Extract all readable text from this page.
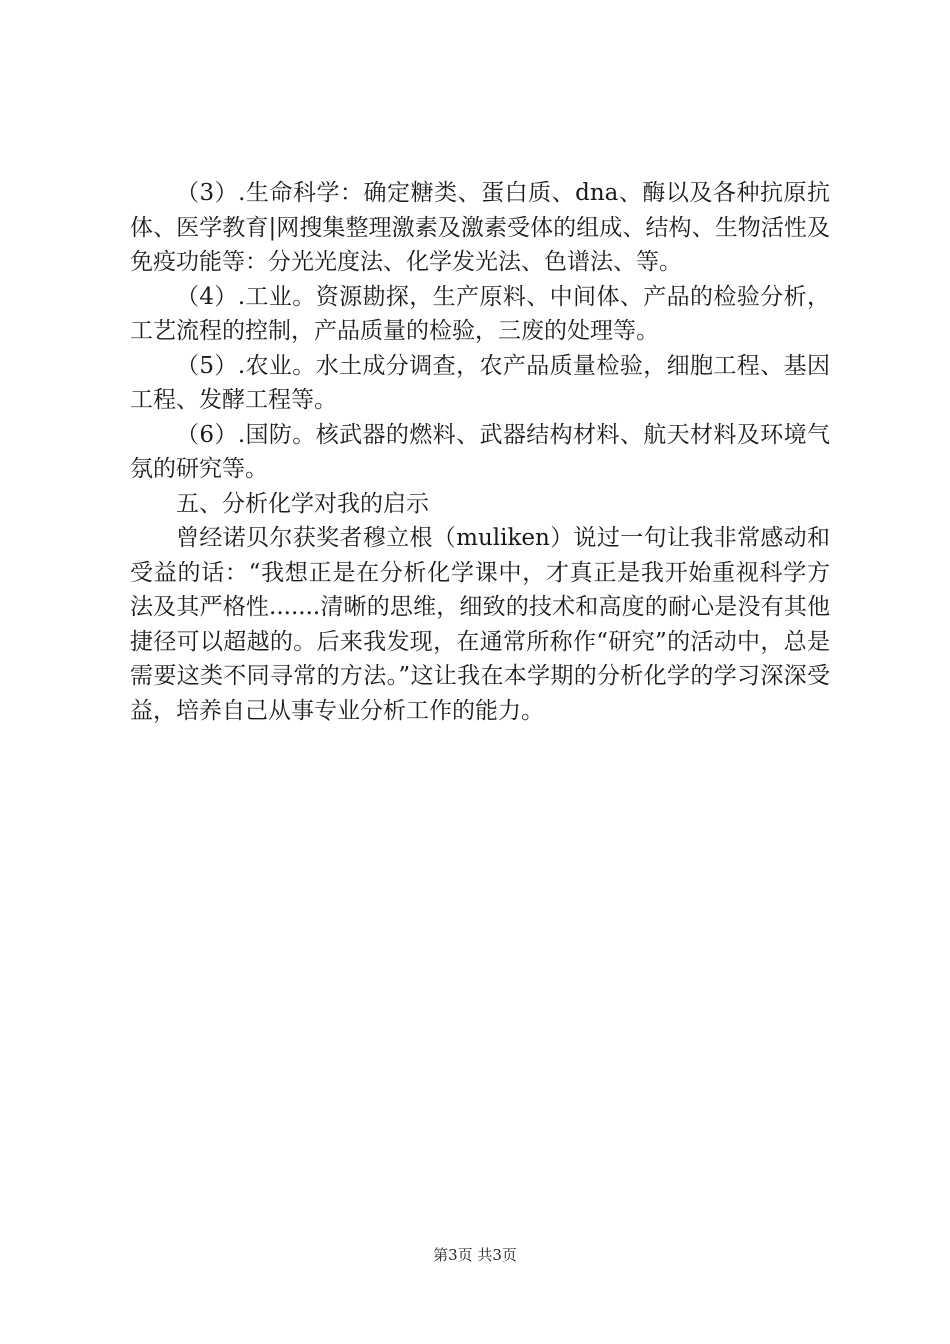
（3）.生命科学：确定糖类、蛋白质、dna、酶以及各种抗原抗体、医学教育|网搜集整理激素及激素受体的组成、结构、生物活性及免疫功能等：分光光度法、化学发光法、色谱法、等。

（4）.工业。资源勘探，生产原料、中间体、产品的检验分析，工艺流程的控制，产品质量的检验，三废的处理等。

（5）.农业。水土成分调查，农产品质量检验，细胞工程、基因工程、发酵工程等。

（6）.国防。核武器的燃料、武器结构材料、航天材料及环境气氛的研究等。

五、分析化学对我的启示

曾经诺贝尔获奖者穆立根（muliken）说过一句让我非常感动和受益的话：“我想正是在分析化学课中，才真正是我开始重视科学方法及其严格性.......清晰的思维，细致的技术和高度的耐心是没有其他捷径可以超越的。后来我发现，在通常所称作“研究”的活动中，总是需要这类不同寻常的方法。”这让我在本学期的分析化学的学习深深受益，培养自己从事专业分析工作的能力。

第3页 共3页
